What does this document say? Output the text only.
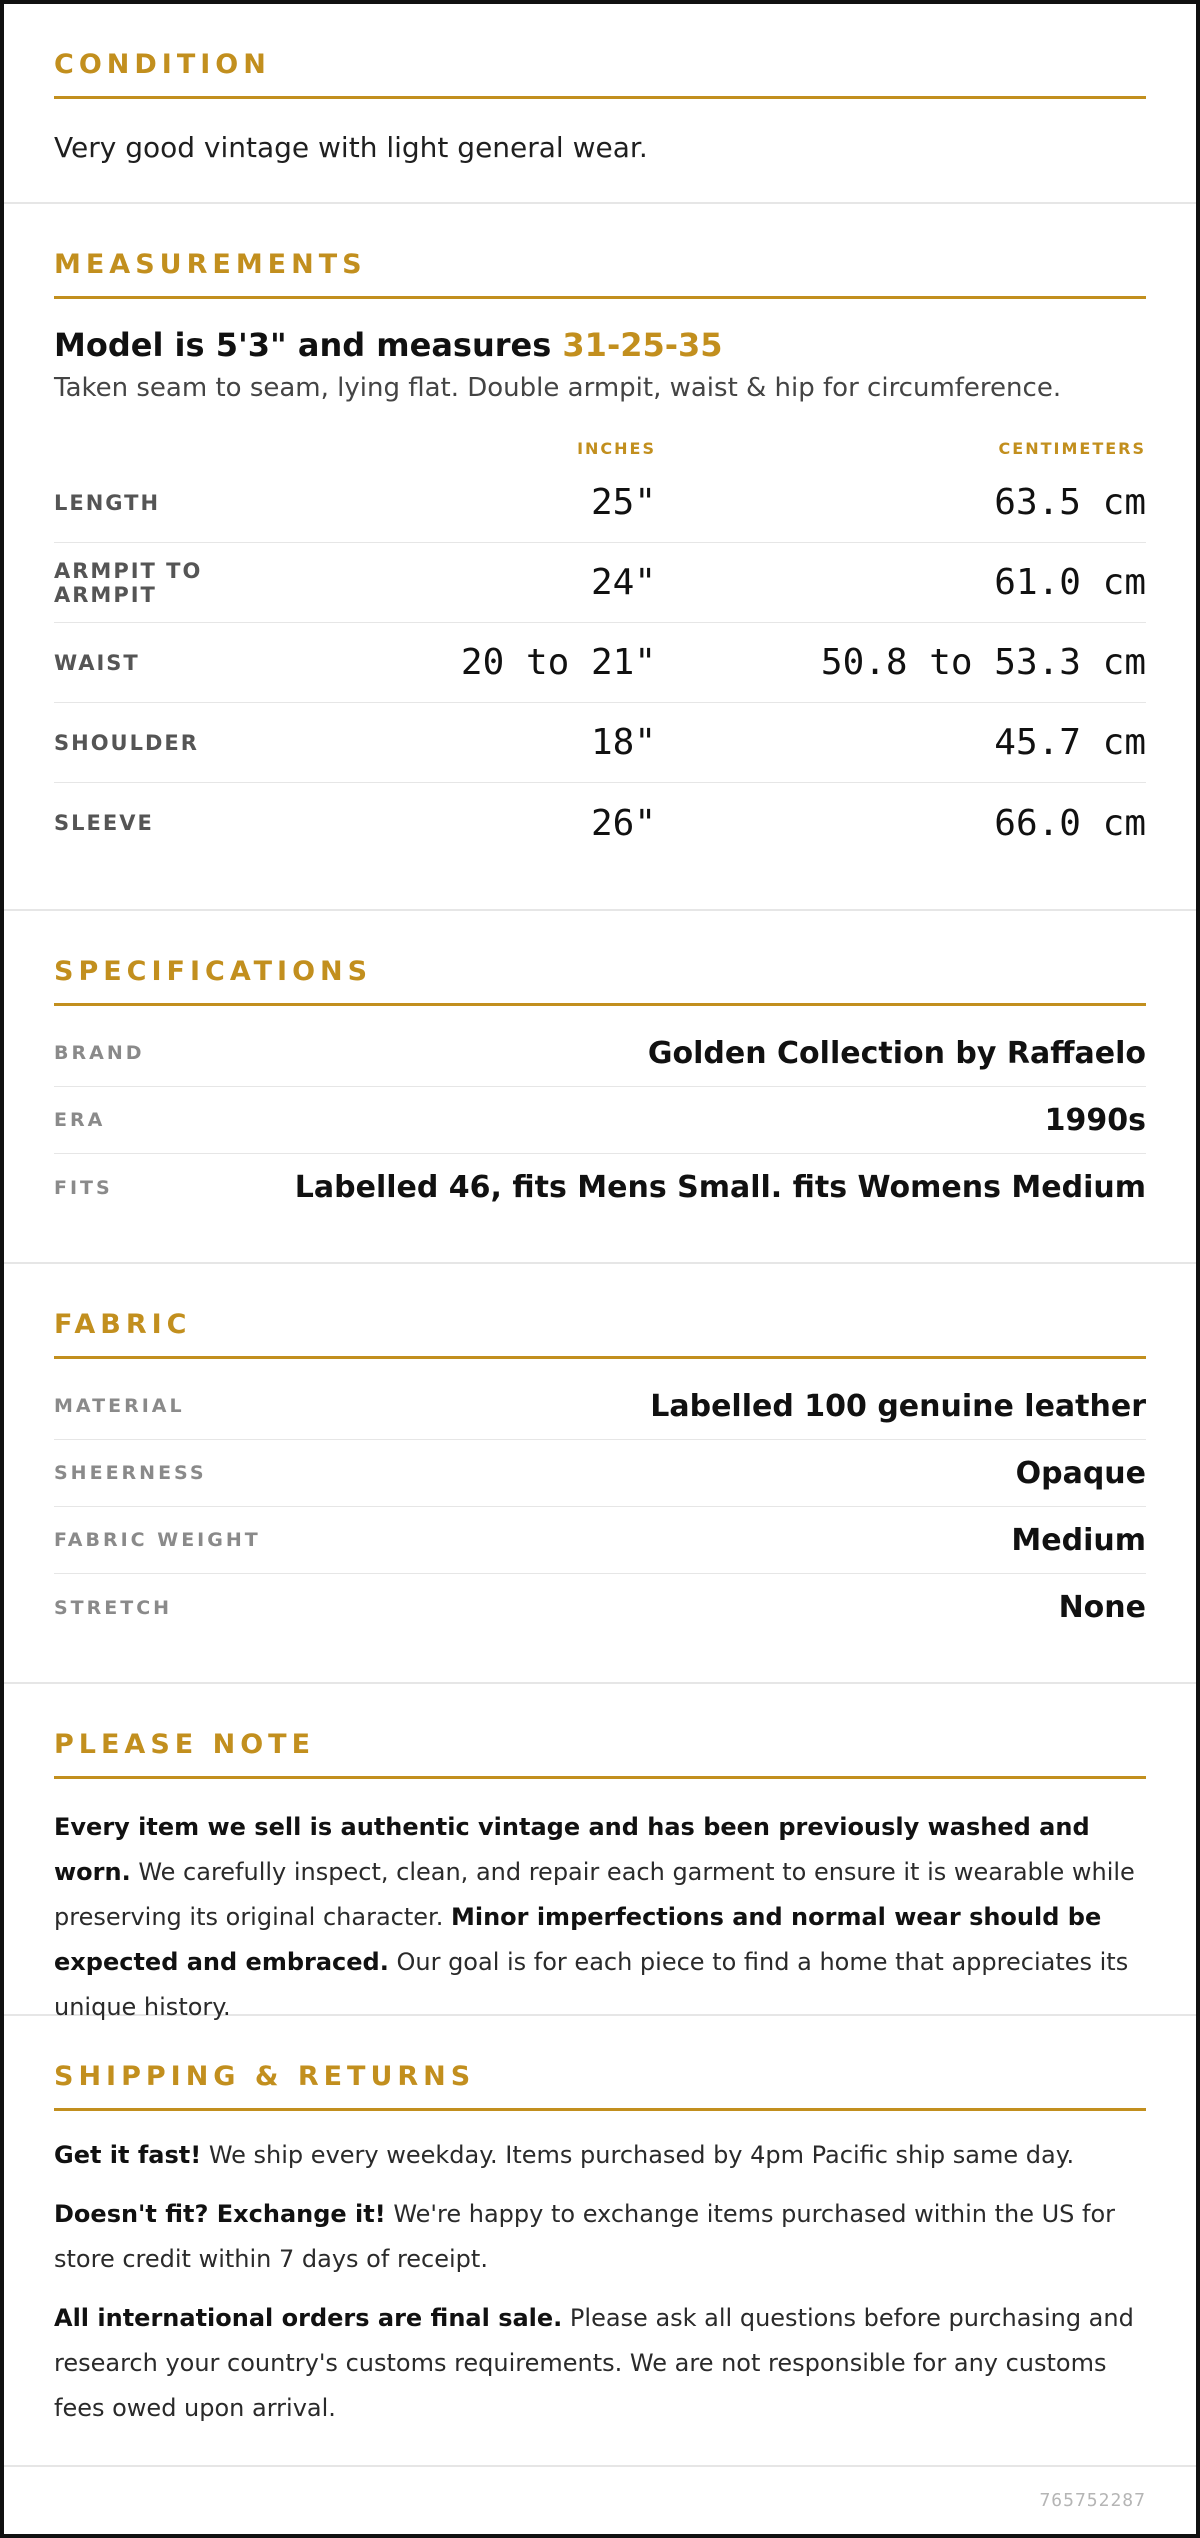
CONDITION
Very good vintage with light general wear.
MEASUREMENTS
Model is 5'3" and measures 31-25-35
Taken seam to seam, lying flat. Double armpit, waist & hip for circumference.
INCHES	CENTIMETERS
LENGTH	25"	63.5 cm
ARMPIT TO ARMPIT	24"	61.0 cm
WAIST	20 to 21"	50.8 to 53.3 cm
SHOULDER	18"	45.7 cm
SLEEVE	26"	66.0 cm
SPECIFICATIONS
BRAND	Golden Collection by Raffaelo
ERA	1990s
FITS	Labelled 46, fits Mens Small. fits Womens Medium
FABRIC
MATERIAL	Labelled 100 genuine leather
SHEERNESS	Opaque
FABRIC WEIGHT	Medium
STRETCH	None
PLEASE NOTE

Every item we sell is authentic vintage and has been previously washed and worn. We carefully inspect, clean, and repair each garment to ensure it is wearable while preserving its original character. Minor imperfections and normal wear should be expected and embraced. Our goal is for each piece to find a home that appreciates its unique history.

SHIPPING & RETURNS

Get it fast! We ship every weekday. Items purchased by 4pm Pacific ship same day.

Doesn't fit? Exchange it! We're happy to exchange items purchased within the US for store credit within 7 days of receipt.

All international orders are final sale. Please ask all questions before purchasing and research your country's customs requirements. We are not responsible for any customs fees owed upon arrival.

765752287
